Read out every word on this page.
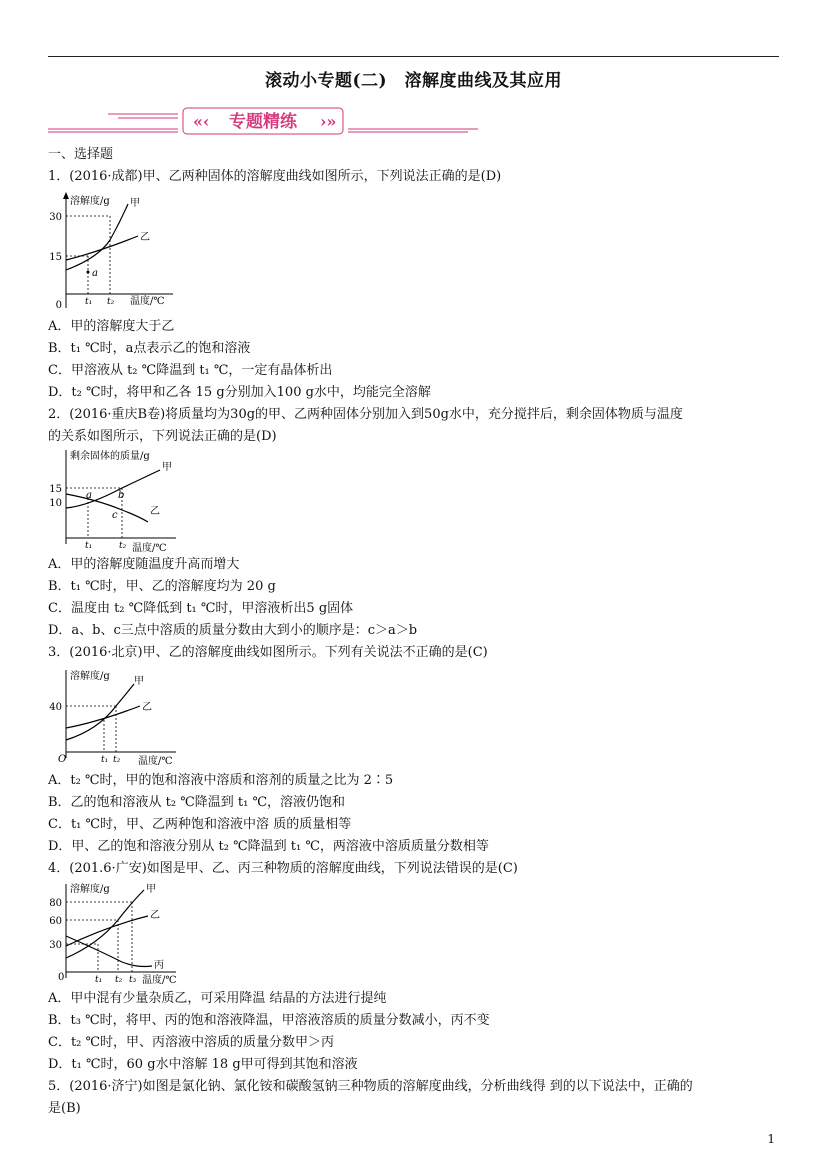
滚动小专题(二)　溶解度曲线及其应用
«‹	›»
专题精练
一、选择题
1．(2016·成都)甲、乙两种固体的溶解度曲线如图所示，下列说法正确的是(D)
溶解度/g
30
15
0
a
甲
乙
t₁ t₂ 温度/℃
A．甲的溶解度大于乙
B．t₁ ℃时，a点表示乙的饱和溶液
C．甲溶液从 t₂ ℃降温到 t₁ ℃，一定有晶体析出
D．t₂ ℃时，将甲和乙各 15 g分别加入100 g水中，均能完全溶解
2．(2016·重庆B卷)将质量均为30g的甲、乙两种固体分别加入到50g水中，充分搅拌后，剩余固体物质与温度
的关系如图所示，下列说法正确的是(D)
剩余固体的质量/g
15
10
a	b
c
甲
乙
t₁	t₂ 温度/℃
A．甲的溶解度随温度升高而增大
B．t₁ ℃时，甲、乙的溶解度均为 20 g
C．温度由 t₂ ℃降低到 t₁ ℃时，甲溶液析出5 g固体
D．a、b、c三点中溶质的质量分数由大到小的顺序是：c＞a＞b
3．(2016·北京)甲、乙的溶解度曲线如图所示。下列有关说法不正确的是(C)
溶解度/g
40
O
甲
乙
t₁ t₂ 温度/℃
A．t₂ ℃时，甲的饱和溶液中溶质和溶剂的质量之比为 2∶5
B．乙的饱和溶液从 t₂ ℃降温到 t₁ ℃，溶液仍饱和
C．t₁ ℃时，甲、乙两种饱和溶液中溶 质的质量相等
D．甲、乙的饱和溶液分别从 t₂ ℃降温到 t₁ ℃，两溶液中溶质质量分数相等
4．(201.6·广安)如图是甲、乙、丙三种物质的溶解度曲线，下列说法错误的是(C)
溶解度/g
80
60
30
0
甲
乙
丙
t₁ t₂ t₃ 温度/℃
A．甲中混有少量杂质乙，可采用降温 结晶的方法进行提纯
B．t₃ ℃时，将甲、丙的饱和溶液降温，甲溶液溶质的质量分数减小，丙不变
C．t₂ ℃时，甲、丙溶液中溶质的质量分数甲＞丙
D．t₁ ℃时，60 g水中溶解 18 g甲可得到其饱和溶液
5．(2016·济宁)如图是氯化钠、氯化铵和碳酸氢钠三种物质的溶解度曲线，分析曲线得 到的以下说法中，正确的
是(B)
1
